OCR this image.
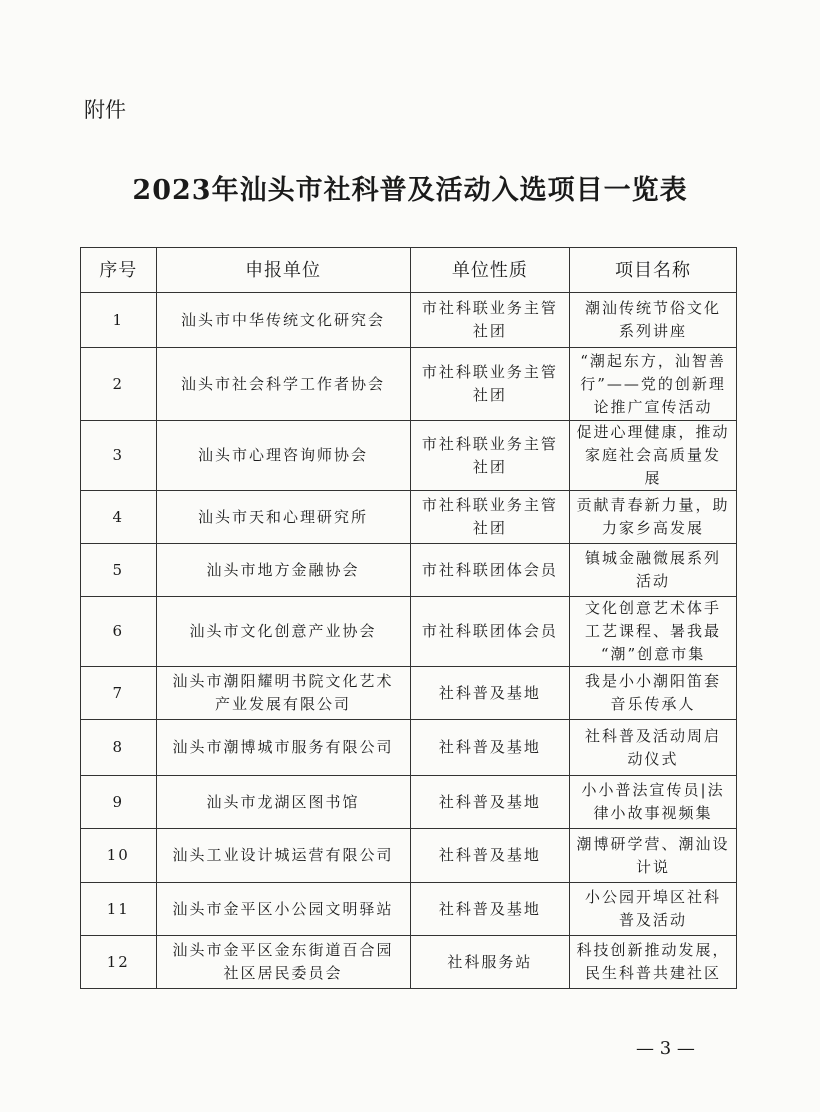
附件
2023年汕头市社科普及活动入选项目一览表
序号	申报单位	单位性质	项目名称
1	汕头市中华传统文化研究会	市社科联业务主管
社团	潮汕传统节俗文化
系列讲座
2	汕头市社会科学工作者协会	市社科联业务主管
社团	“潮起东方，汕智善
行”——党的创新理
论推广宣传活动
3	汕头市心理咨询师协会	市社科联业务主管
社团	促进心理健康，推动
家庭社会高质量发
展
4	汕头市天和心理研究所	市社科联业务主管
社团	贡献青春新力量，助
力家乡高发展
5	汕头市地方金融协会	市社科联团体会员	镇城金融微展系列
活动
6	汕头市文化创意产业协会	市社科联团体会员	文化创意艺术体手
工艺课程、暑我最
“潮”创意市集
7	汕头市潮阳耀明书院文化艺术
产业发展有限公司	社科普及基地	我是小小潮阳笛套
音乐传承人
8	汕头市潮博城市服务有限公司	社科普及基地	社科普及活动周启
动仪式
9	汕头市龙湖区图书馆	社科普及基地	小小普法宣传员|法
律小故事视频集
10	汕头工业设计城运营有限公司	社科普及基地	潮博研学营、潮汕设
计说
11	汕头市金平区小公园文明驿站	社科普及基地	小公园开埠区社科
普及活动
12	汕头市金平区金东街道百合园
社区居民委员会	社科服务站	科技创新推动发展，
民生科普共建社区
— 3 —
